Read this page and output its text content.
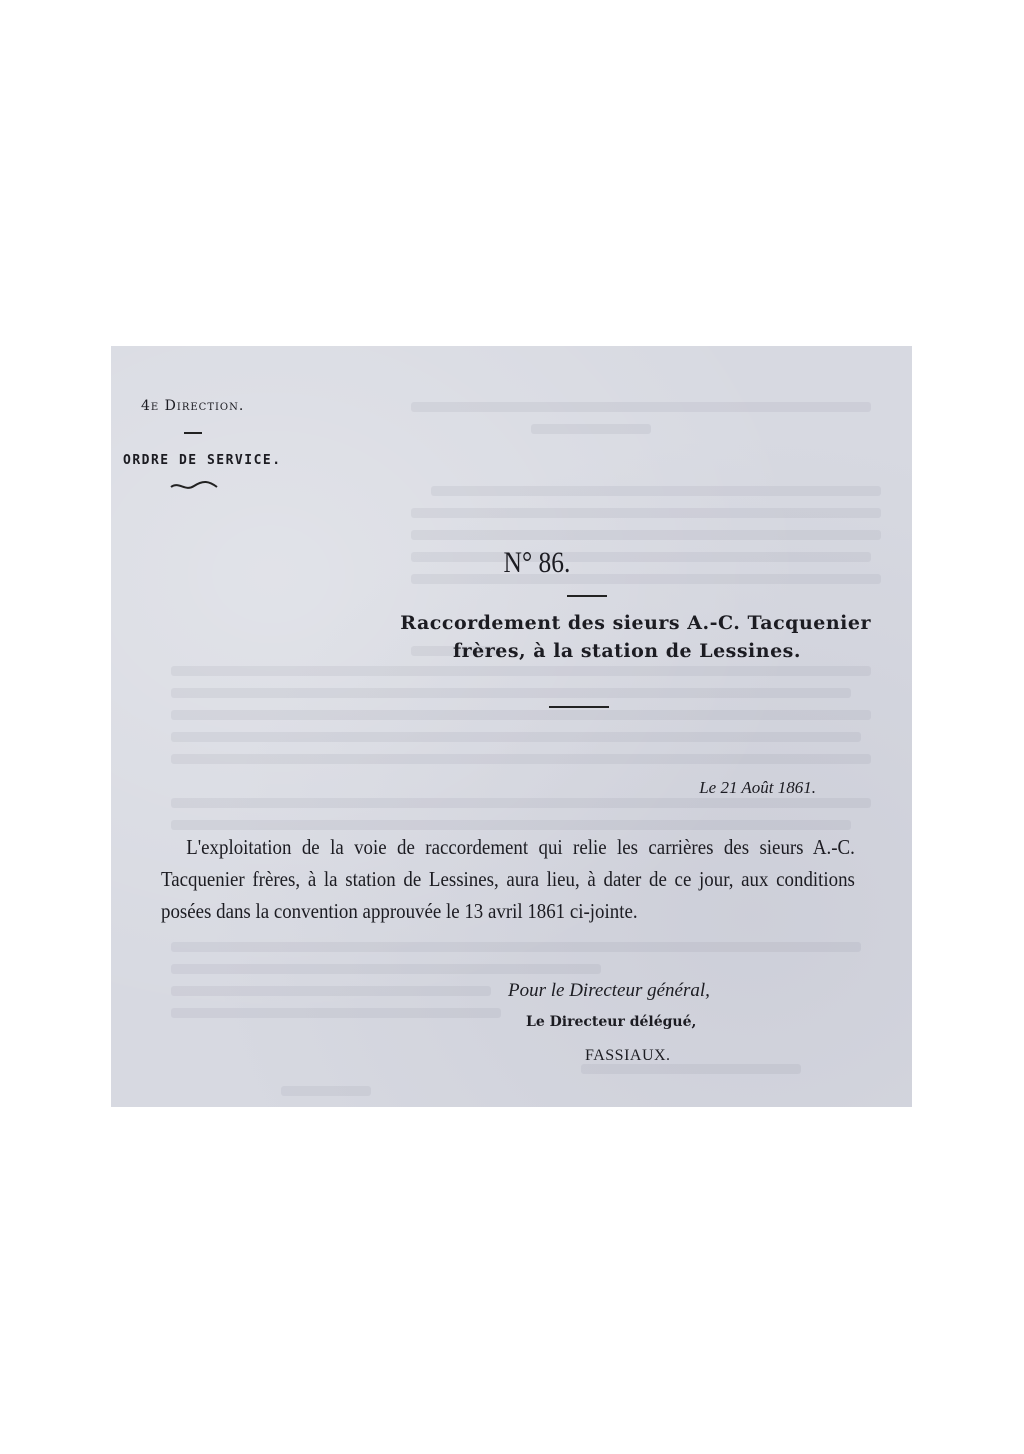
4e Direction.
ORDRE DE SERVICE.
N° 86.
Raccordement des sieurs A.-C. Tacquenier
frères, à la station de Lessines.
Le 21 Août 1861.
L'exploitation de la voie de raccordement qui relie les carrières des sieurs A.-C. Tacquenier frères, à la station de Lessines, aura lieu, à dater de ce jour, aux conditions posées dans la convention approuvée le 13 avril 1861 ci-jointe.
Pour le Directeur général,
Le Directeur délégué,
FASSIAUX.
